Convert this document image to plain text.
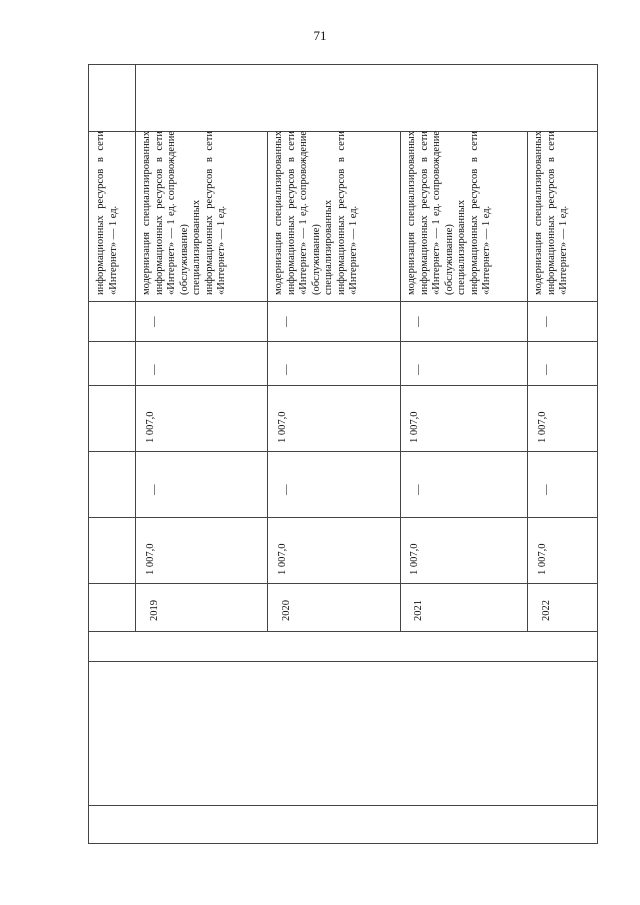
71
информационных ресурсов в сети «Интернет» — 1 ед. модернизация специализированных информационных ресурсов в сети «Интернет» — 1 ед. сопровождение (обслуживание) специализированных информационных ресурсов в сети «Интернет» — 1 ед.
—
—
1 007,0
—
1 007,0
2019
модернизация специализированных информационных ресурсов в сети «Интернет» — 1 ед. сопровождение (обслуживание) специализированных информационных ресурсов в сети «Интернет» — 1 ед.
—
—
1 007,0
—
1 007,0
2020
модернизация специализированных информационных ресурсов в сети «Интернет» — 1 ед. сопровождение (обслуживание) специализированных информационных ресурсов в сети «Интернет» — 1 ед.
—
—
1 007,0
—
1 007,0
2021
модернизация специализированных информационных ресурсов в сети «Интернет» — 1 ед.
—
—
1 007,0
—
1 007,0
2022
